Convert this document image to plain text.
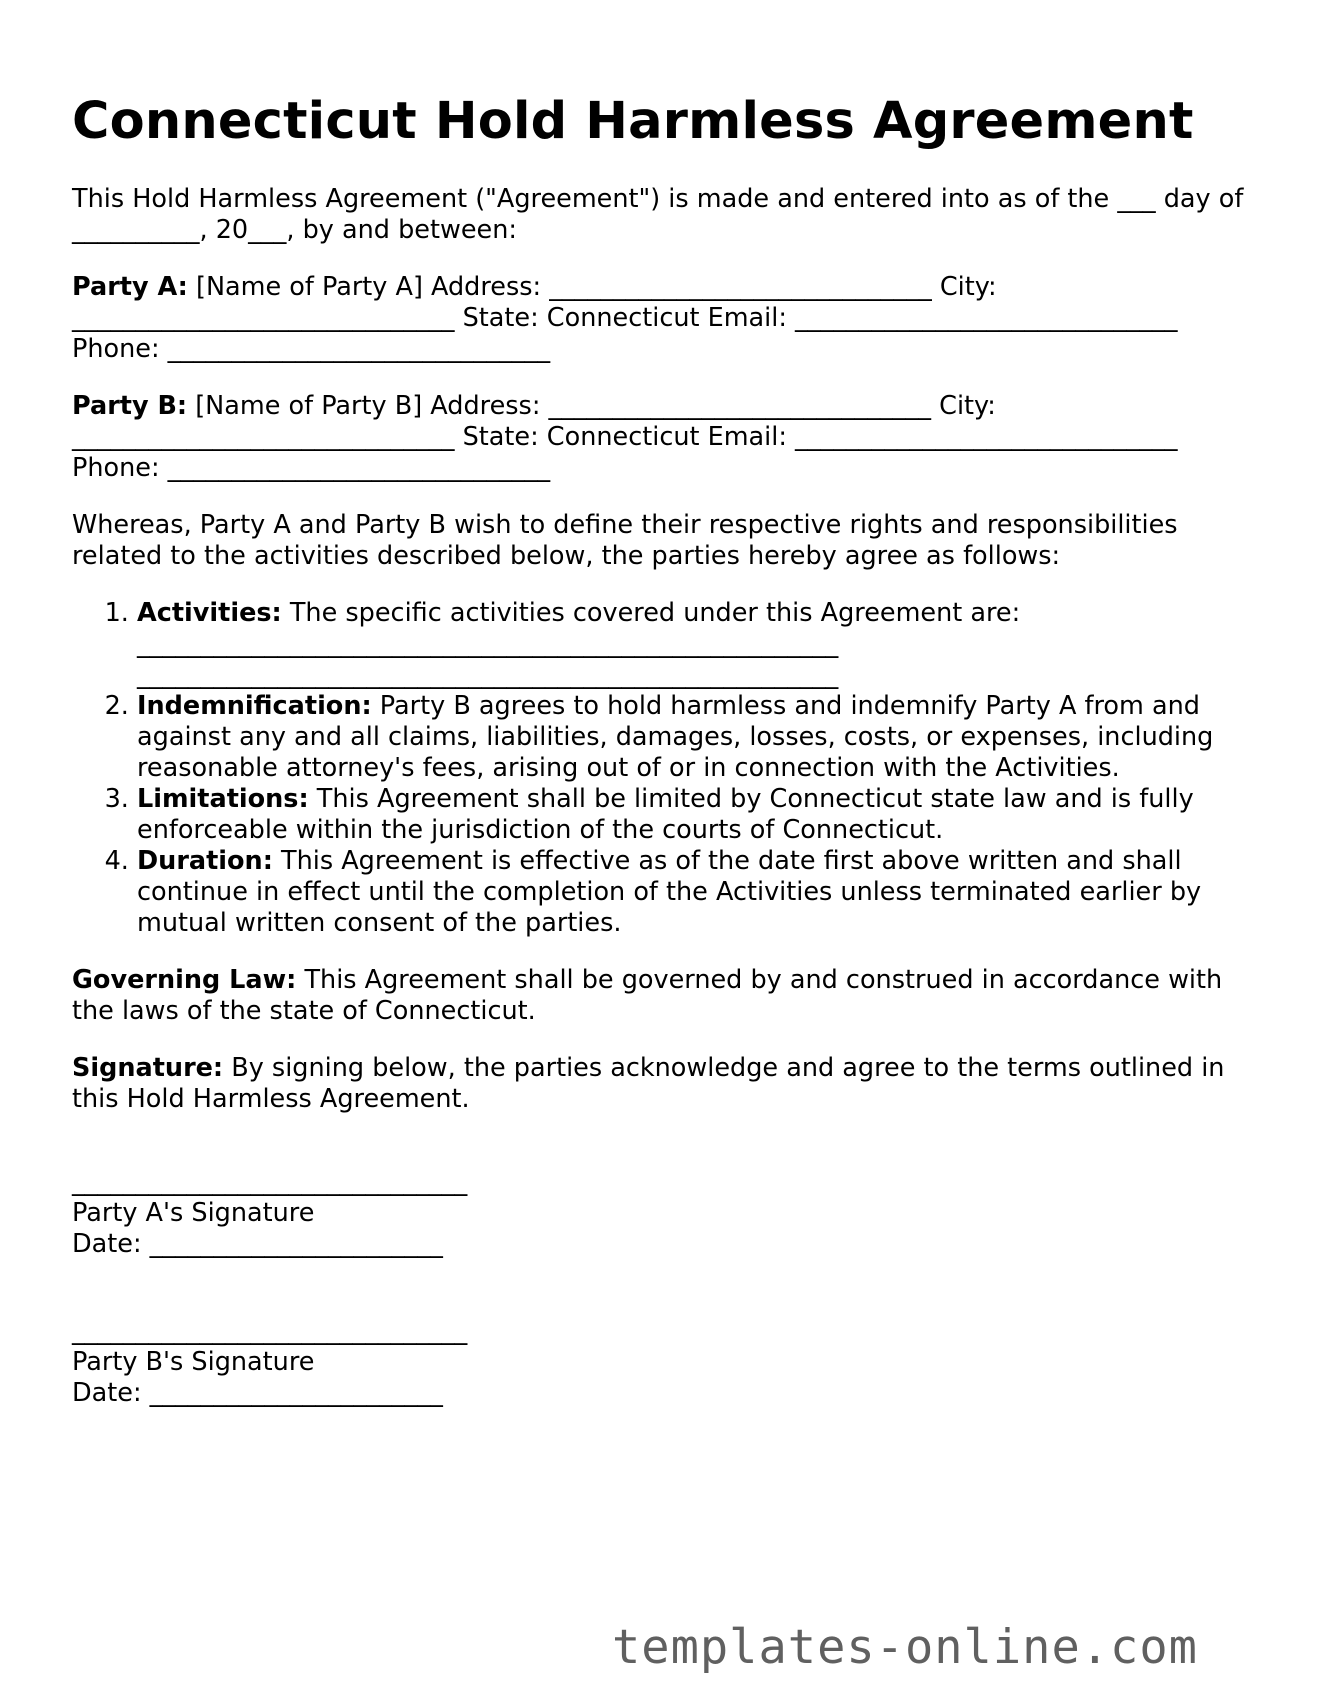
Connecticut Hold Harmless Agreement

This Hold Harmless Agreement ("Agreement") is made and entered into as of the ___ day of __________, 20___, by and between:

Party A: [Name of Party A] Address: ______________________________ City: ______________________________ State: Connecticut Email: ______________________________ Phone: ______________________________

Party B: [Name of Party B] Address: ______________________________ City: ______________________________ State: Connecticut Email: ______________________________ Phone: ______________________________

Whereas, Party A and Party B wish to define their respective rights and responsibilities related to the activities described below, the parties hereby agree as follows:

1. Activities: The specific activities covered under this Agreement are:
_______________________________________________________
_______________________________________________________
2. Indemnification: Party B agrees to hold harmless and indemnify Party A from and against any and all claims, liabilities, damages, losses, costs, or expenses, including reasonable attorney's fees, arising out of or in connection with the Activities.
3. Limitations: This Agreement shall be limited by Connecticut state law and is fully enforceable within the jurisdiction of the courts of Connecticut.
4. Duration: This Agreement is effective as of the date first above written and shall continue in effect until the completion of the Activities unless terminated earlier by mutual written consent of the parties.

Governing Law: This Agreement shall be governed by and construed in accordance with the laws of the state of Connecticut.

Signature: By signing below, the parties acknowledge and agree to the terms outlined in this Hold Harmless Agreement.

_______________________________
Party A's Signature
Date: _______________________
_______________________________
Party B's Signature
Date: _______________________
templates-online.com
